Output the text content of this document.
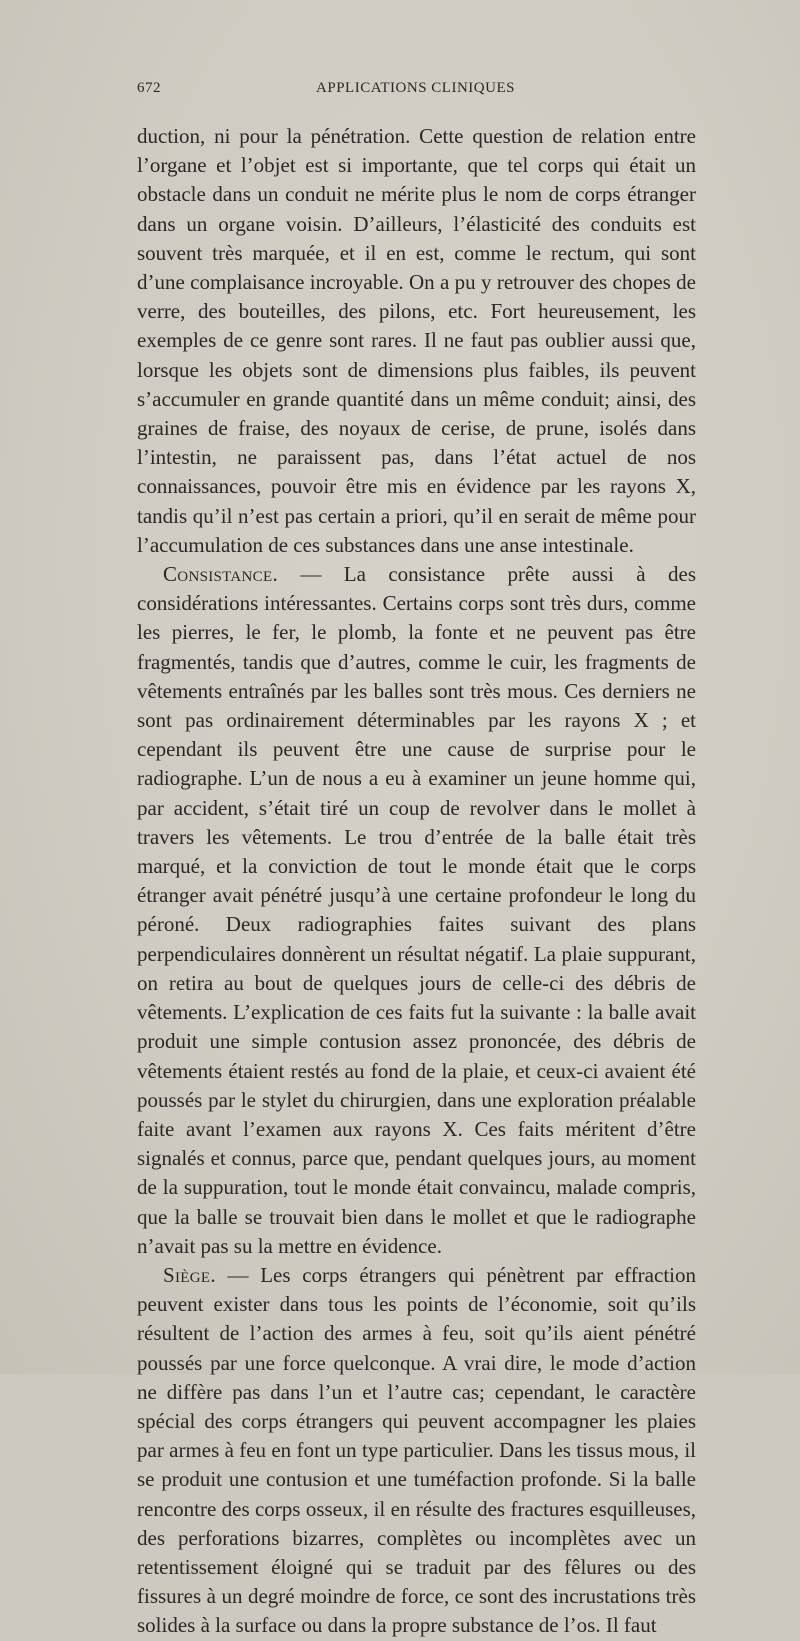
672	APPLICATIONS CLINIQUES

duction, ni pour la pénétration. Cette question de relation entre l’organe et l’objet est si importante, que tel corps qui était un obstacle dans un conduit ne mérite plus le nom de corps étranger dans un organe voisin. D’ailleurs, l’élasticité des conduits est souvent très marquée, et il en est, comme le rectum, qui sont d’une complaisance incroyable. On a pu y retrouver des chopes de verre, des bouteilles, des pilons, etc. Fort heureusement, les exemples de ce genre sont rares. Il ne faut pas oublier aussi que, lorsque les objets sont de dimensions plus faibles, ils peuvent s’accumuler en grande quantité dans un même conduit; ainsi, des graines de fraise, des noyaux de cerise, de prune, isolés dans l’intestin, ne paraissent pas, dans l’état actuel de nos connaissances, pouvoir être mis en évidence par les rayons X, tandis qu’il n’est pas certain a priori, qu’il en serait de même pour l’accumulation de ces substances dans une anse intestinale.

Consistance. — La consistance prête aussi à des considérations intéressantes. Certains corps sont très durs, comme les pierres, le fer, le plomb, la fonte et ne peuvent pas être fragmentés, tandis que d’autres, comme le cuir, les fragments de vêtements entraînés par les balles sont très mous. Ces derniers ne sont pas ordinairement déterminables par les rayons X ; et cependant ils peuvent être une cause de surprise pour le radiographe. L’un de nous a eu à examiner un jeune homme qui, par accident, s’était tiré un coup de revolver dans le mollet à travers les vêtements. Le trou d’entrée de la balle était très marqué, et la conviction de tout le monde était que le corps étranger avait pénétré jusqu’à une certaine profondeur le long du péroné. Deux radiographies faites suivant des plans perpendiculaires donnèrent un résultat négatif. La plaie suppurant, on retira au bout de quelques jours de celle-ci des débris de vêtements. L’explication de ces faits fut la suivante : la balle avait produit une simple contusion assez prononcée, des débris de vêtements étaient restés au fond de la plaie, et ceux-ci avaient été poussés par le stylet du chirurgien, dans une exploration préalable faite avant l’examen aux rayons X. Ces faits méritent d’être signalés et connus, parce que, pendant quelques jours, au moment de la suppuration, tout le monde était convaincu, malade compris, que la balle se trouvait bien dans le mollet et que le radiographe n’avait pas su la mettre en évidence.

Siège. — Les corps étrangers qui pénètrent par effraction peuvent exister dans tous les points de l’économie, soit qu’ils résultent de l’action des armes à feu, soit qu’ils aient pénétré poussés par une force quelconque. A vrai dire, le mode d’action ne diffère pas dans l’un et l’autre cas; cependant, le caractère spécial des corps étrangers qui peuvent accompagner les plaies par armes à feu en font un type particulier. Dans les tissus mous, il se produit une contusion et une tuméfaction profonde. Si la balle rencontre des corps osseux, il en résulte des fractures esquilleuses, des perforations bizarres, complètes ou incomplètes avec un retentissement éloigné qui se traduit par des fêlures ou des fissures à un degré moindre de force, ce sont des incrustations très solides à la surface ou dans la propre substance de l’os. Il faut
